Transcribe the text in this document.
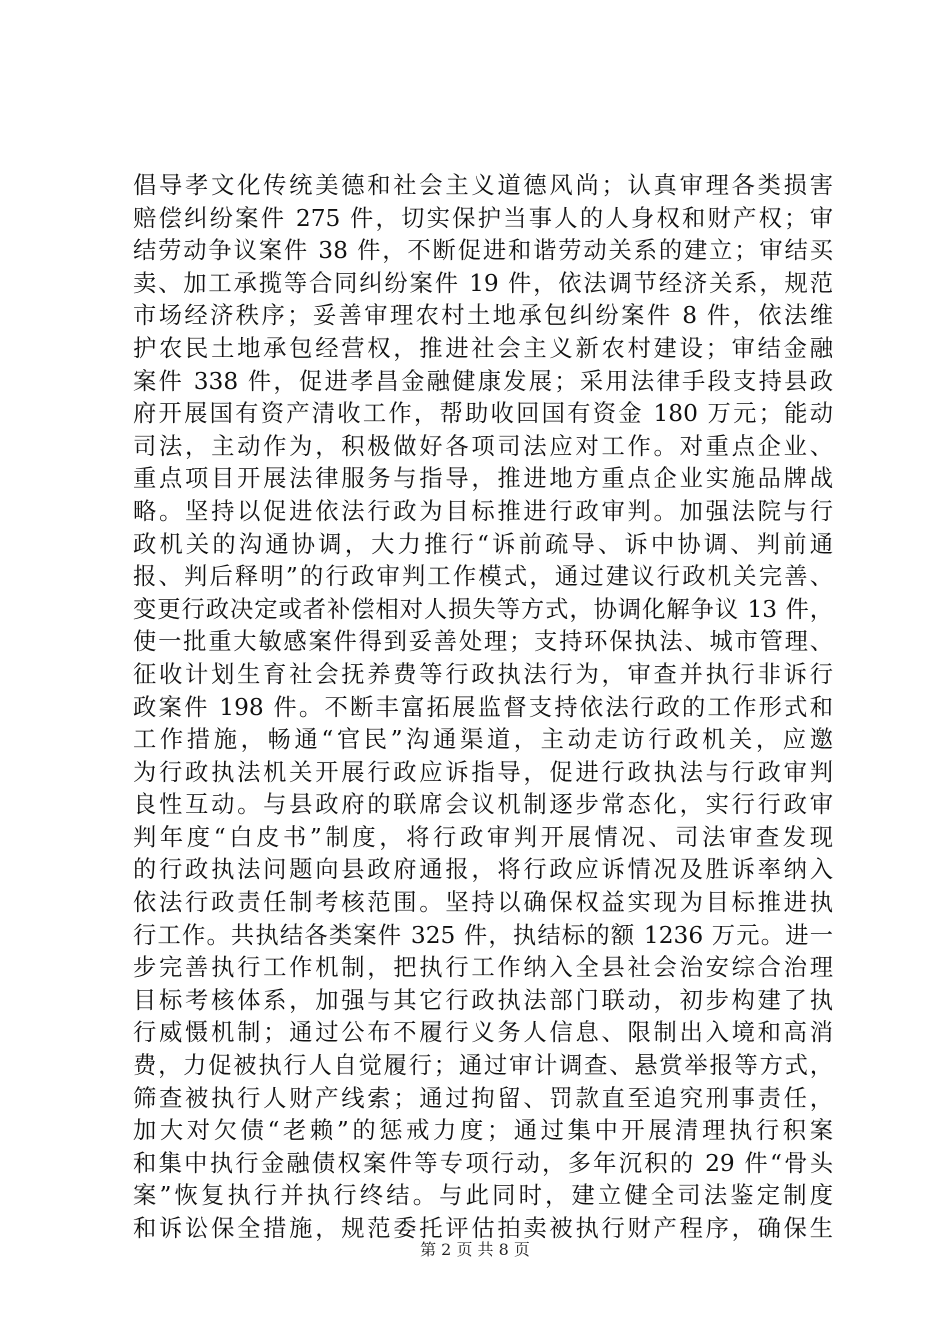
倡导孝文化传统美德和社会主义道德风尚；认真审理各类损害
赔偿纠纷案件 275 件，切实保护当事人的人身权和财产权；审
结劳动争议案件 38 件，不断促进和谐劳动关系的建立；审结买
卖、加工承揽等合同纠纷案件 19 件，依法调节经济关系，规范
市场经济秩序；妥善审理农村土地承包纠纷案件 8 件，依法维
护农民土地承包经营权，推进社会主义新农村建设；审结金融
案件 338 件，促进孝昌金融健康发展；采用法律手段支持县政
府开展国有资产清收工作，帮助收回国有资金 180 万元；能动
司法，主动作为，积极做好各项司法应对工作。对重点企业、
重点项目开展法律服务与指导，推进地方重点企业实施品牌战
略。坚持以促进依法行政为目标推进行政审判。加强法院与行
政机关的沟通协调，大力推行“诉前疏导、诉中协调、判前通
报、判后释明”的行政审判工作模式，通过建议行政机关完善、
变更行政决定或者补偿相对人损失等方式，协调化解争议 13 件，
使一批重大敏感案件得到妥善处理；支持环保执法、城市管理、
征收计划生育社会抚养费等行政执法行为，审查并执行非诉行
政案件 198 件。不断丰富拓展监督支持依法行政的工作形式和
工作措施，畅通“官民”沟通渠道，主动走访行政机关，应邀
为行政执法机关开展行政应诉指导，促进行政执法与行政审判
良性互动。与县政府的联席会议机制逐步常态化，实行行政审
判年度“白皮书”制度，将行政审判开展情况、司法审查发现
的行政执法问题向县政府通报，将行政应诉情况及胜诉率纳入
依法行政责任制考核范围。坚持以确保权益实现为目标推进执
行工作。共执结各类案件 325 件，执结标的额 1236 万元。进一
步完善执行工作机制，把执行工作纳入全县社会治安综合治理
目标考核体系，加强与其它行政执法部门联动，初步构建了执
行威慑机制；通过公布不履行义务人信息、限制出入境和高消
费，力促被执行人自觉履行；通过审计调查、悬赏举报等方式，
筛查被执行人财产线索；通过拘留、罚款直至追究刑事责任，
加大对欠债“老赖”的惩戒力度；通过集中开展清理执行积案
和集中执行金融债权案件等专项行动，多年沉积的 29 件“骨头
案”恢复执行并执行终结。与此同时，建立健全司法鉴定制度
和诉讼保全措施，规范委托评估拍卖被执行财产程序，确保生
第 2 页 共 8 页
